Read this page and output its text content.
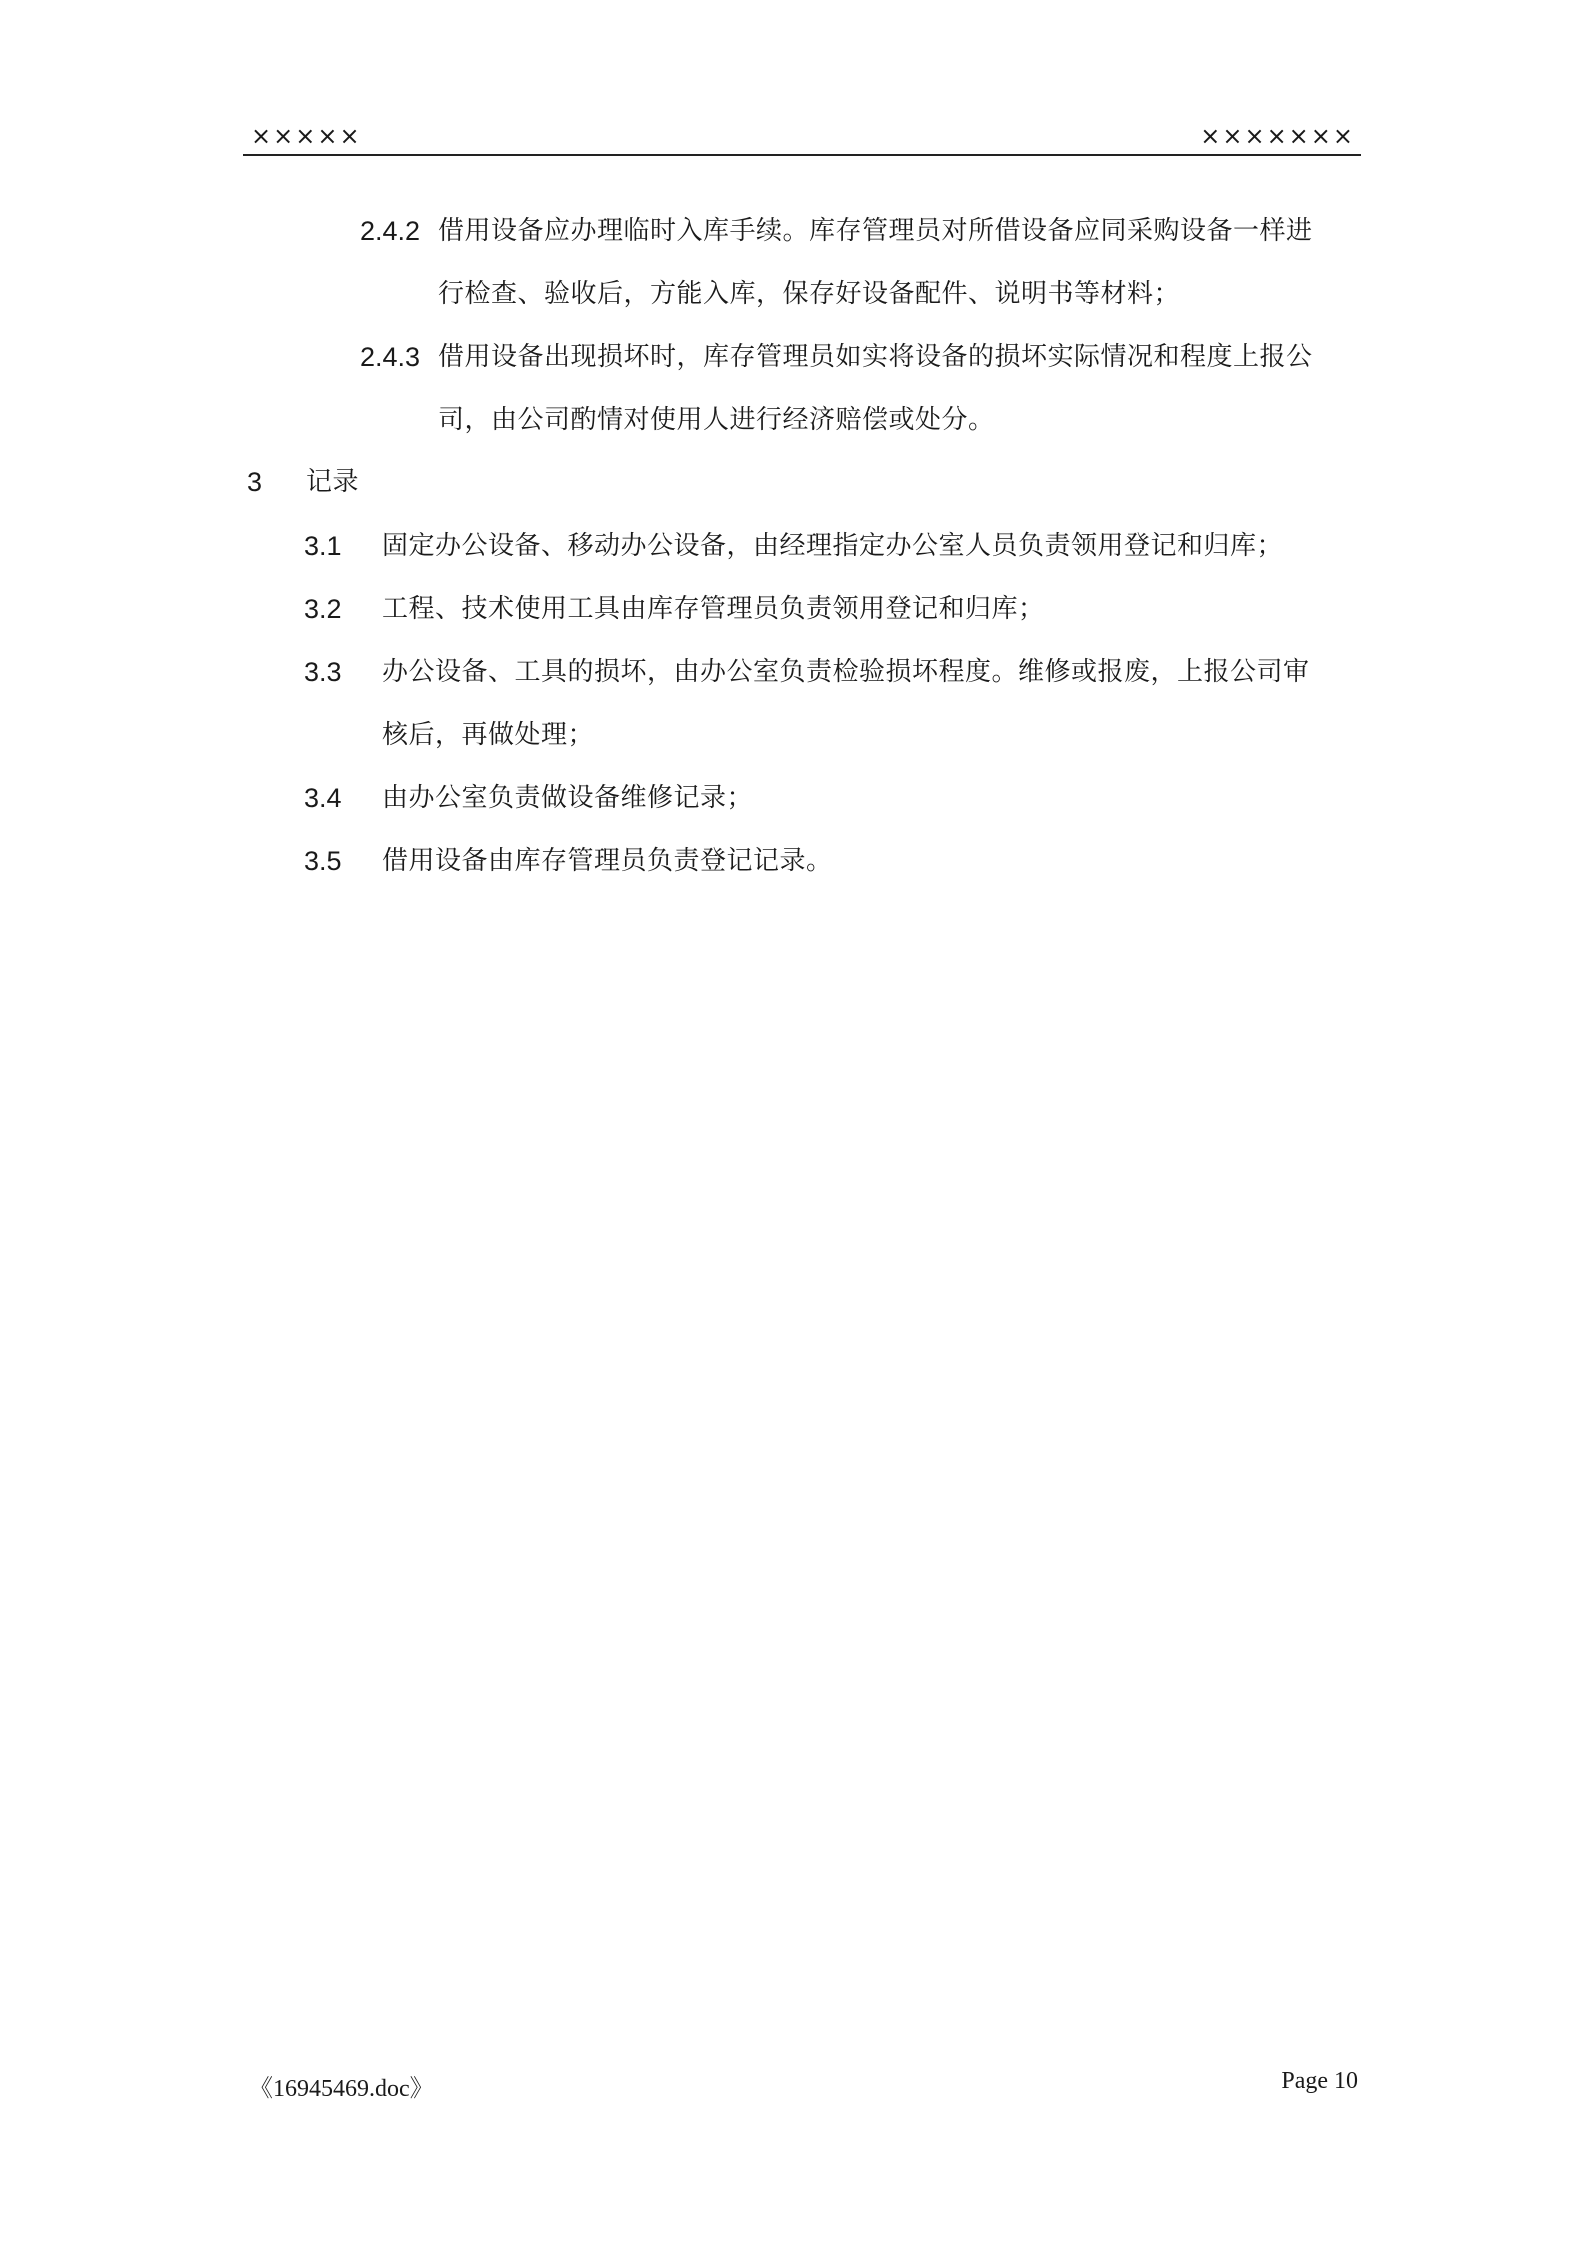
×××××	×××××××
2.4.2 借用设备应办理临时入库手续。库存管理员对所借设备应同采购设备一样进
行检查、验收后，方能入库，保存好设备配件、说明书等材料；
2.4.3 借用设备出现损坏时，库存管理员如实将设备的损坏实际情况和程度上报公
司，由公司酌情对使用人进行经济赔偿或处分。
3 记录
3.1 固定办公设备、移动办公设备，由经理指定办公室人员负责领用登记和归库；
3.2 工程、技术使用工具由库存管理员负责领用登记和归库；
3.3 办公设备、工具的损坏，由办公室负责检验损坏程度。维修或报废，上报公司审
核后，再做处理；
3.4 由办公室负责做设备维修记录；
3.5 借用设备由库存管理员负责登记记录。
《16945469.doc》	Page 10
